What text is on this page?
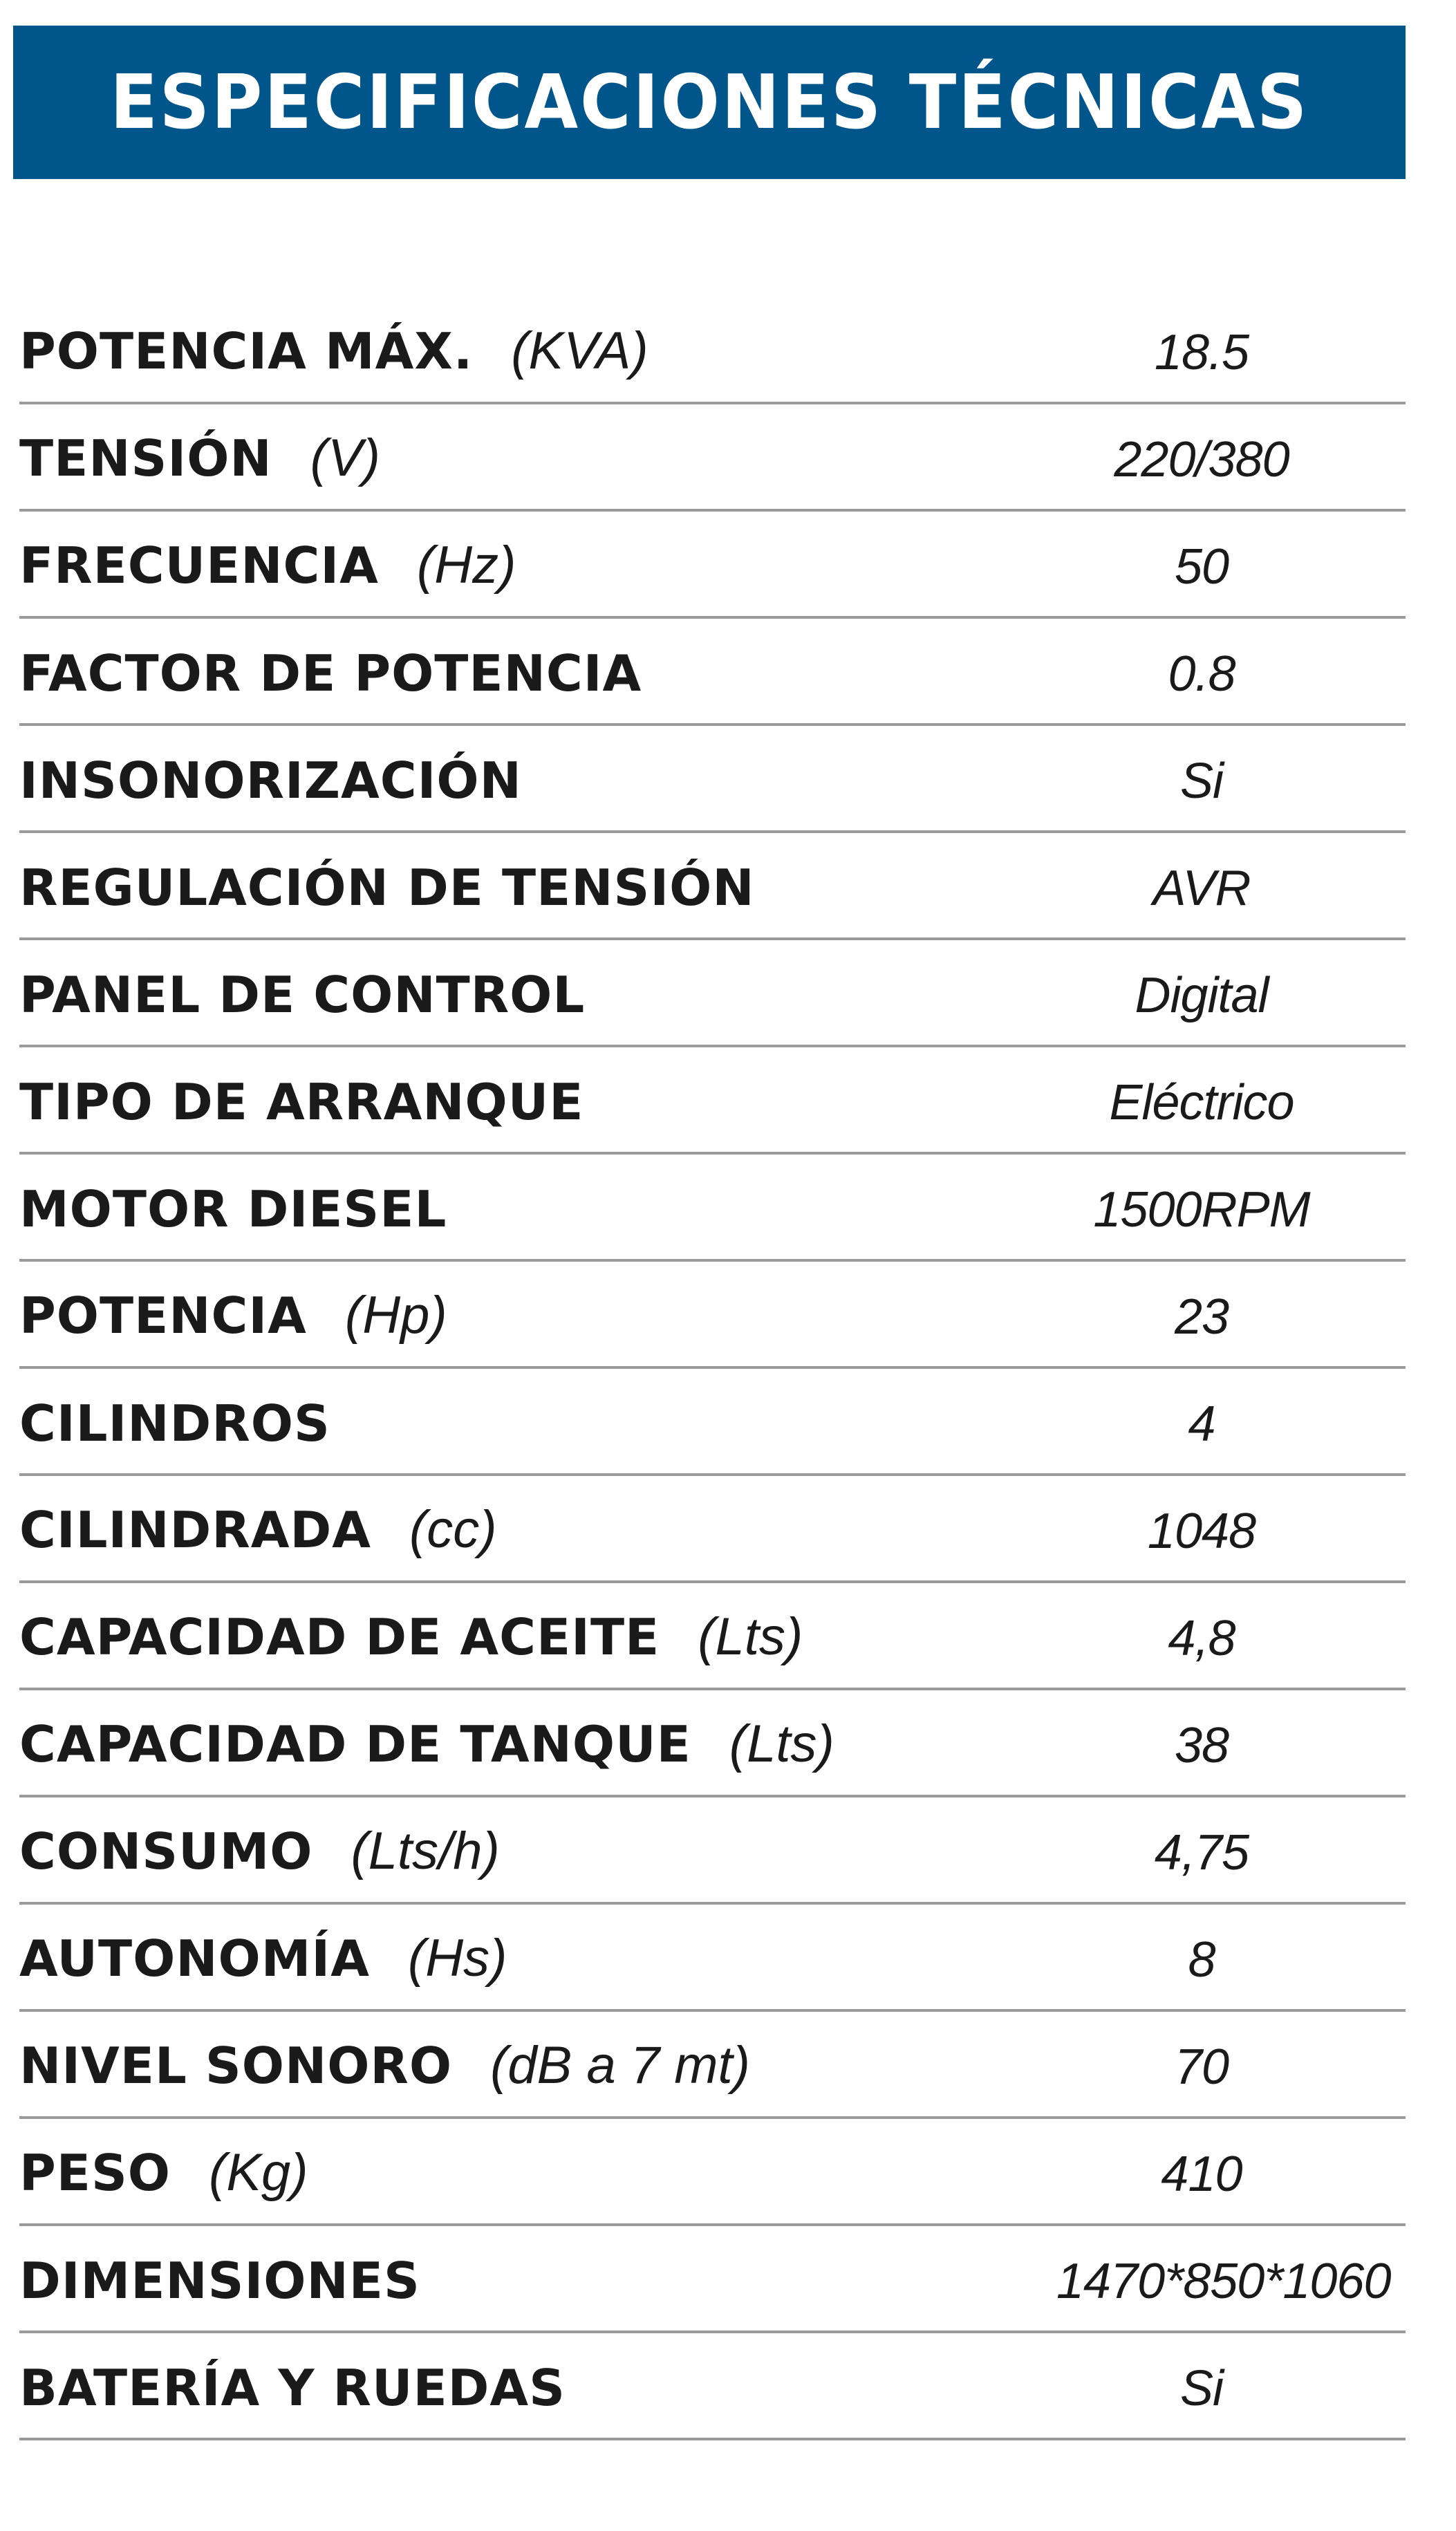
ESPECIFICACIONES TÉCNICAS
POTENCIA MÁX. (KVA)	18.5
TENSIÓN (V)	220/380
FRECUENCIA (Hz)	50
FACTOR DE POTENCIA	0.8
INSONORIZACIÓN	Si
REGULACIÓN DE TENSIÓN	AVR
PANEL DE CONTROL	Digital
TIPO DE ARRANQUE	Eléctrico
MOTOR DIESEL	1500RPM
POTENCIA (Hp)	23
CILINDROS	4
CILINDRADA (cc)	1048
CAPACIDAD DE ACEITE (Lts)	4,8
CAPACIDAD DE TANQUE (Lts)	38
CONSUMO (Lts/h)	4,75
AUTONOMÍA (Hs)	8
NIVEL SONORO (dB a 7 mt)	70
PESO (Kg)	410
DIMENSIONES	1470*850*1060
BATERÍA Y RUEDAS	Si
